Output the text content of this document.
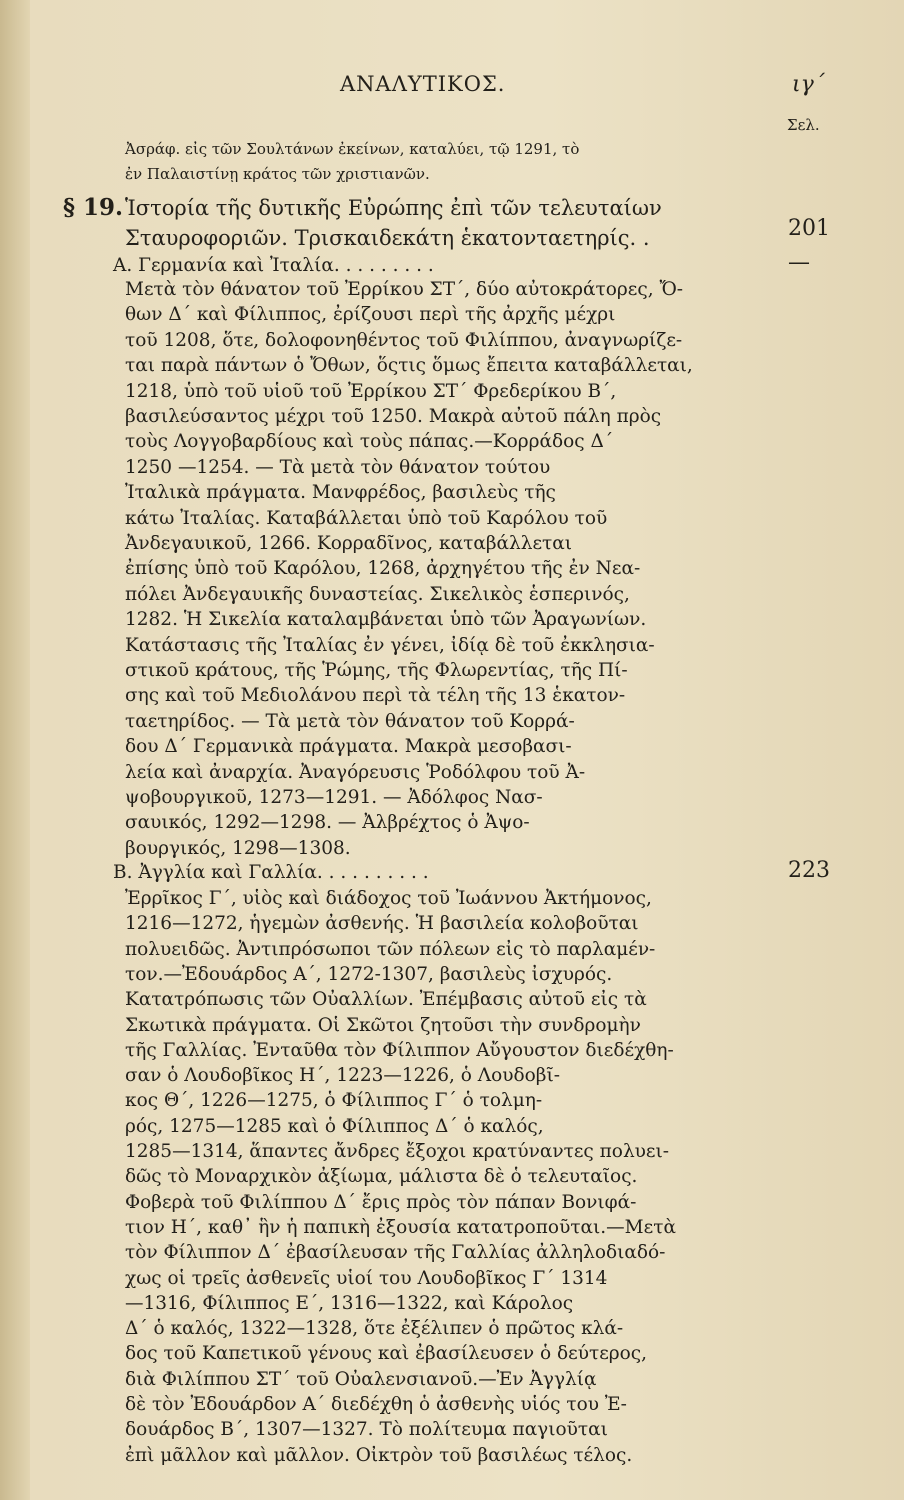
ΑΝΑΛΥΤΙΚΟΣ.	ιγ΄
Σελ.
Ἀσράφ. εἰς τῶν Σουλτάνων ἐκείνων, καταλύει, τῷ 1291, τὸ
ἐν Παλαιστίνῃ κράτος τῶν χριστιανῶν.
§ 19. Ἱστορία τῆς δυτικῆς Εὐρώπης ἐπὶ τῶν τελευταίων
Σταυροφοριῶν. Τρισκαιδεκάτη ἑκατονταετηρίς. .	201
Α. Γερμανία καὶ Ἰταλία. . . . . . . . .	—
Μετὰ τὸν θάνατον τοῦ Ἐρρίκου ΣΤ΄, δύο αὐτοκράτορες, Ὄ-
θων Δ΄ καὶ Φίλιππος, ἐρίζουσι περὶ τῆς ἀρχῆς μέχρι
τοῦ 1208, ὅτε, δολοφονηθέντος τοῦ Φιλίππου, ἀναγνωρίζε-
ται παρὰ πάντων ὁ Ὄθων, ὅςτις ὅμως ἔπειτα καταβάλλεται,
1218, ὑπὸ τοῦ υἱοῦ τοῦ Ἐρρίκου ΣΤ΄ Φρεδερίκου Β΄,
βασιλεύσαντος μέχρι τοῦ 1250. Μακρὰ αὐτοῦ πάλη πρὸς
τοὺς Λογγοβαρδίους καὶ τοὺς πάπας.—Κορράδος Δ΄
1250 —1254. — Τὰ μετὰ τὸν θάνατον τούτου
Ἰταλικὰ πράγματα. Μανφρέδος, βασιλεὺς τῆς
κάτω Ἰταλίας. Καταβάλλεται ὑπὸ τοῦ Καρόλου τοῦ
Ἀνδεγαυικοῦ, 1266. Κορραδῖνος, καταβάλλεται
ἐπίσης ὑπὸ τοῦ Καρόλου, 1268, ἀρχηγέτου τῆς ἐν Νεα-
πόλει Ἀνδεγαυικῆς δυναστείας. Σικελικὸς ἑσπερινός,
1282. Ἡ Σικελία καταλαμβάνεται ὑπὸ τῶν Ἀραγωνίων.
Κατάστασις τῆς Ἰταλίας ἐν γένει, ἰδίᾳ δὲ τοῦ ἐκκλησια-
στικοῦ κράτους, τῆς Ῥώμης, τῆς Φλωρεντίας, τῆς Πί-
σης καὶ τοῦ Μεδιολάνου περὶ τὰ τέλη τῆς 13 ἑκατον-
ταετηρίδος. — Τὰ μετὰ τὸν θάνατον τοῦ Κορρά-
δου Δ΄ Γερμανικὰ πράγματα. Μακρὰ μεσοβασι-
λεία καὶ ἀναρχία. Ἀναγόρευσις Ῥοδόλφου τοῦ Ἀ-
ψοβουργικοῦ, 1273—1291. — Ἀδόλφος Νασ-
σαυικός, 1292—1298. — Ἀλβρέχτος ὁ Ἀψο-
βουργικός, 1298—1308.
Β. Ἀγγλία καὶ Γαλλία. . . . . . . . . .	223
Ἐρρῖκος Γ΄, υἱὸς καὶ διάδοχος τοῦ Ἰωάννου Ἀκτήμονος,
1216—1272, ἡγεμὼν ἀσθενής. Ἡ βασιλεία κολοβοῦται
πολυειδῶς. Ἀντιπρόσωποι τῶν πόλεων εἰς τὸ παρλαμέν-
τον.—Ἐδουάρδος Α΄, 1272-1307, βασιλεὺς ἰσχυρός.
Κατατρόπωσις τῶν Οὐαλλίων. Ἐπέμβασις αὐτοῦ εἰς τὰ
Σκωτικὰ πράγματα. Οἱ Σκῶτοι ζητοῦσι τὴν συνδρομὴν
τῆς Γαλλίας. Ἐνταῦθα τὸν Φίλιππον Αὔγουστον διεδέχθη-
σαν ὁ Λουδοβῖκος Η΄, 1223—1226, ὁ Λουδοβῖ-
κος Θ΄, 1226—1275, ὁ Φίλιππος Γ΄ ὁ τολμη-
ρός, 1275—1285 καὶ ὁ Φίλιππος Δ΄ ὁ καλός,
1285—1314, ἅπαντες ἄνδρες ἔξοχοι κρατύναντες πολυει-
δῶς τὸ Μοναρχικὸν ἀξίωμα, μάλιστα δὲ ὁ τελευταῖος.
Φοβερὰ τοῦ Φιλίππου Δ΄ ἔρις πρὸς τὸν πάπαν Βονιφά-
τιον Η΄, καθ᾽ ἣν ἡ παπικὴ ἐξουσία κατατροποῦται.—Μετὰ
τὸν Φίλιππον Δ΄ ἐβασίλευσαν τῆς Γαλλίας ἀλληλοδιαδό-
χως οἱ τρεῖς ἀσθενεῖς υἱοί του Λουδοβῖκος Γ΄ 1314
—1316, Φίλιππος Ε΄, 1316—1322, καὶ Κάρολος
Δ΄ ὁ καλός, 1322—1328, ὅτε ἐξέλιπεν ὁ πρῶτος κλά-
δος τοῦ Καπετικοῦ γένους καὶ ἐβασίλευσεν ὁ δεύτερος,
διὰ Φιλίππου ΣΤ΄ τοῦ Οὐαλενσιανοῦ.—Ἐν Ἀγγλίᾳ
δὲ τὸν Ἐδουάρδον Α΄ διεδέχθη ὁ ἀσθενὴς υἱός του Ἐ-
δουάρδος Β΄, 1307—1327. Τὸ πολίτευμα παγιοῦται
ἐπὶ μᾶλλον καὶ μᾶλλον. Οἰκτρὸν τοῦ βασιλέως τέλος.
